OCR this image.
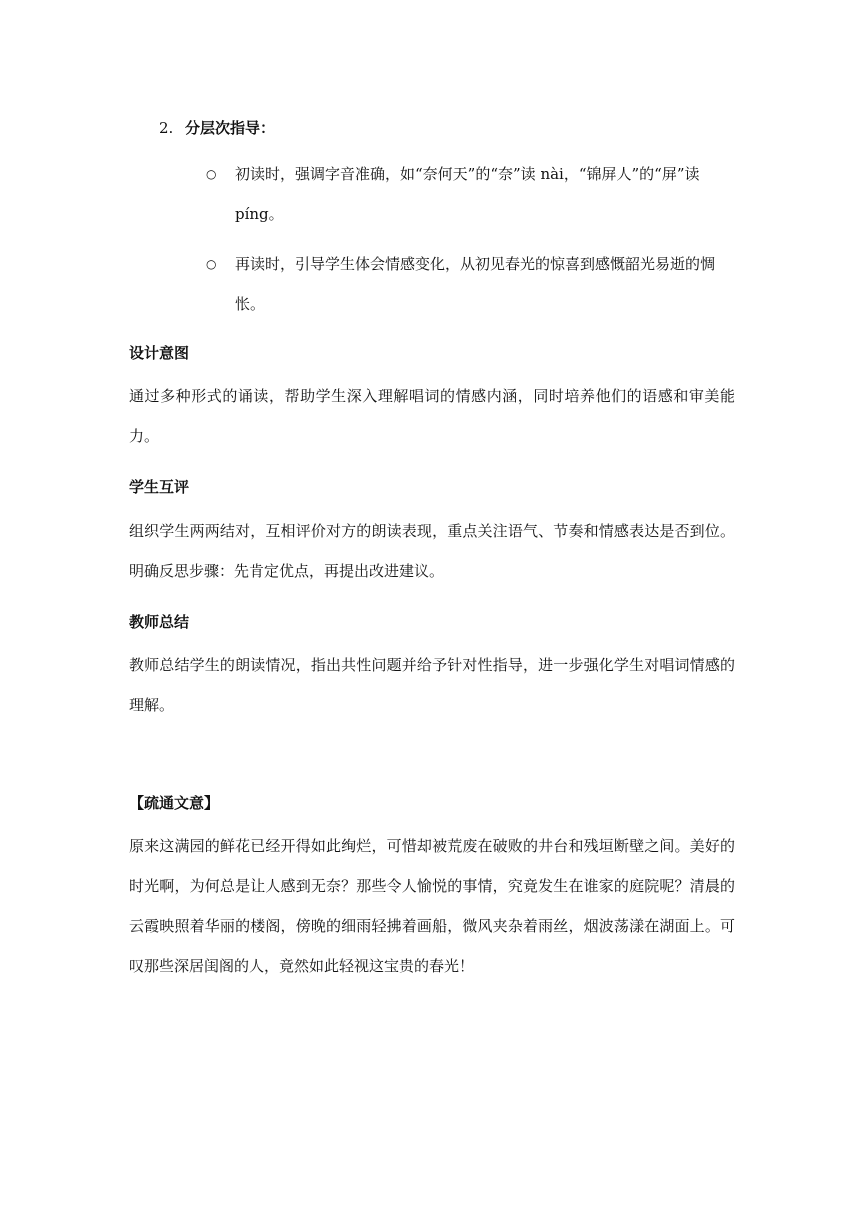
2. 分层次指导：
○ 初读时，强调字音准确，如“奈何天”的“奈”读 nài，“锦屏人”的“屏”读 píng。
○ 再读时，引导学生体会情感变化，从初见春光的惊喜到感慨韶光易逝的惆怅。
设计意图
通过多种形式的诵读，帮助学生深入理解唱词的情感内涵，同时培养他们的语感和审美能力。
学生互评
组织学生两两结对，互相评价对方的朗读表现，重点关注语气、节奏和情感表达是否到位。明确反思步骤：先肯定优点，再提出改进建议。
教师总结
教师总结学生的朗读情况，指出共性问题并给予针对性指导，进一步强化学生对唱词情感的理解。
【疏通文意】
原来这满园的鲜花已经开得如此绚烂，可惜却被荒废在破败的井台和残垣断壁之间。美好的时光啊，为何总是让人感到无奈？那些令人愉悦的事情，究竟发生在谁家的庭院呢？清晨的云霞映照着华丽的楼阁，傍晚的细雨轻拂着画船，微风夹杂着雨丝，烟波荡漾在湖面上。可叹那些深居闺阁的人，竟然如此轻视这宝贵的春光！
